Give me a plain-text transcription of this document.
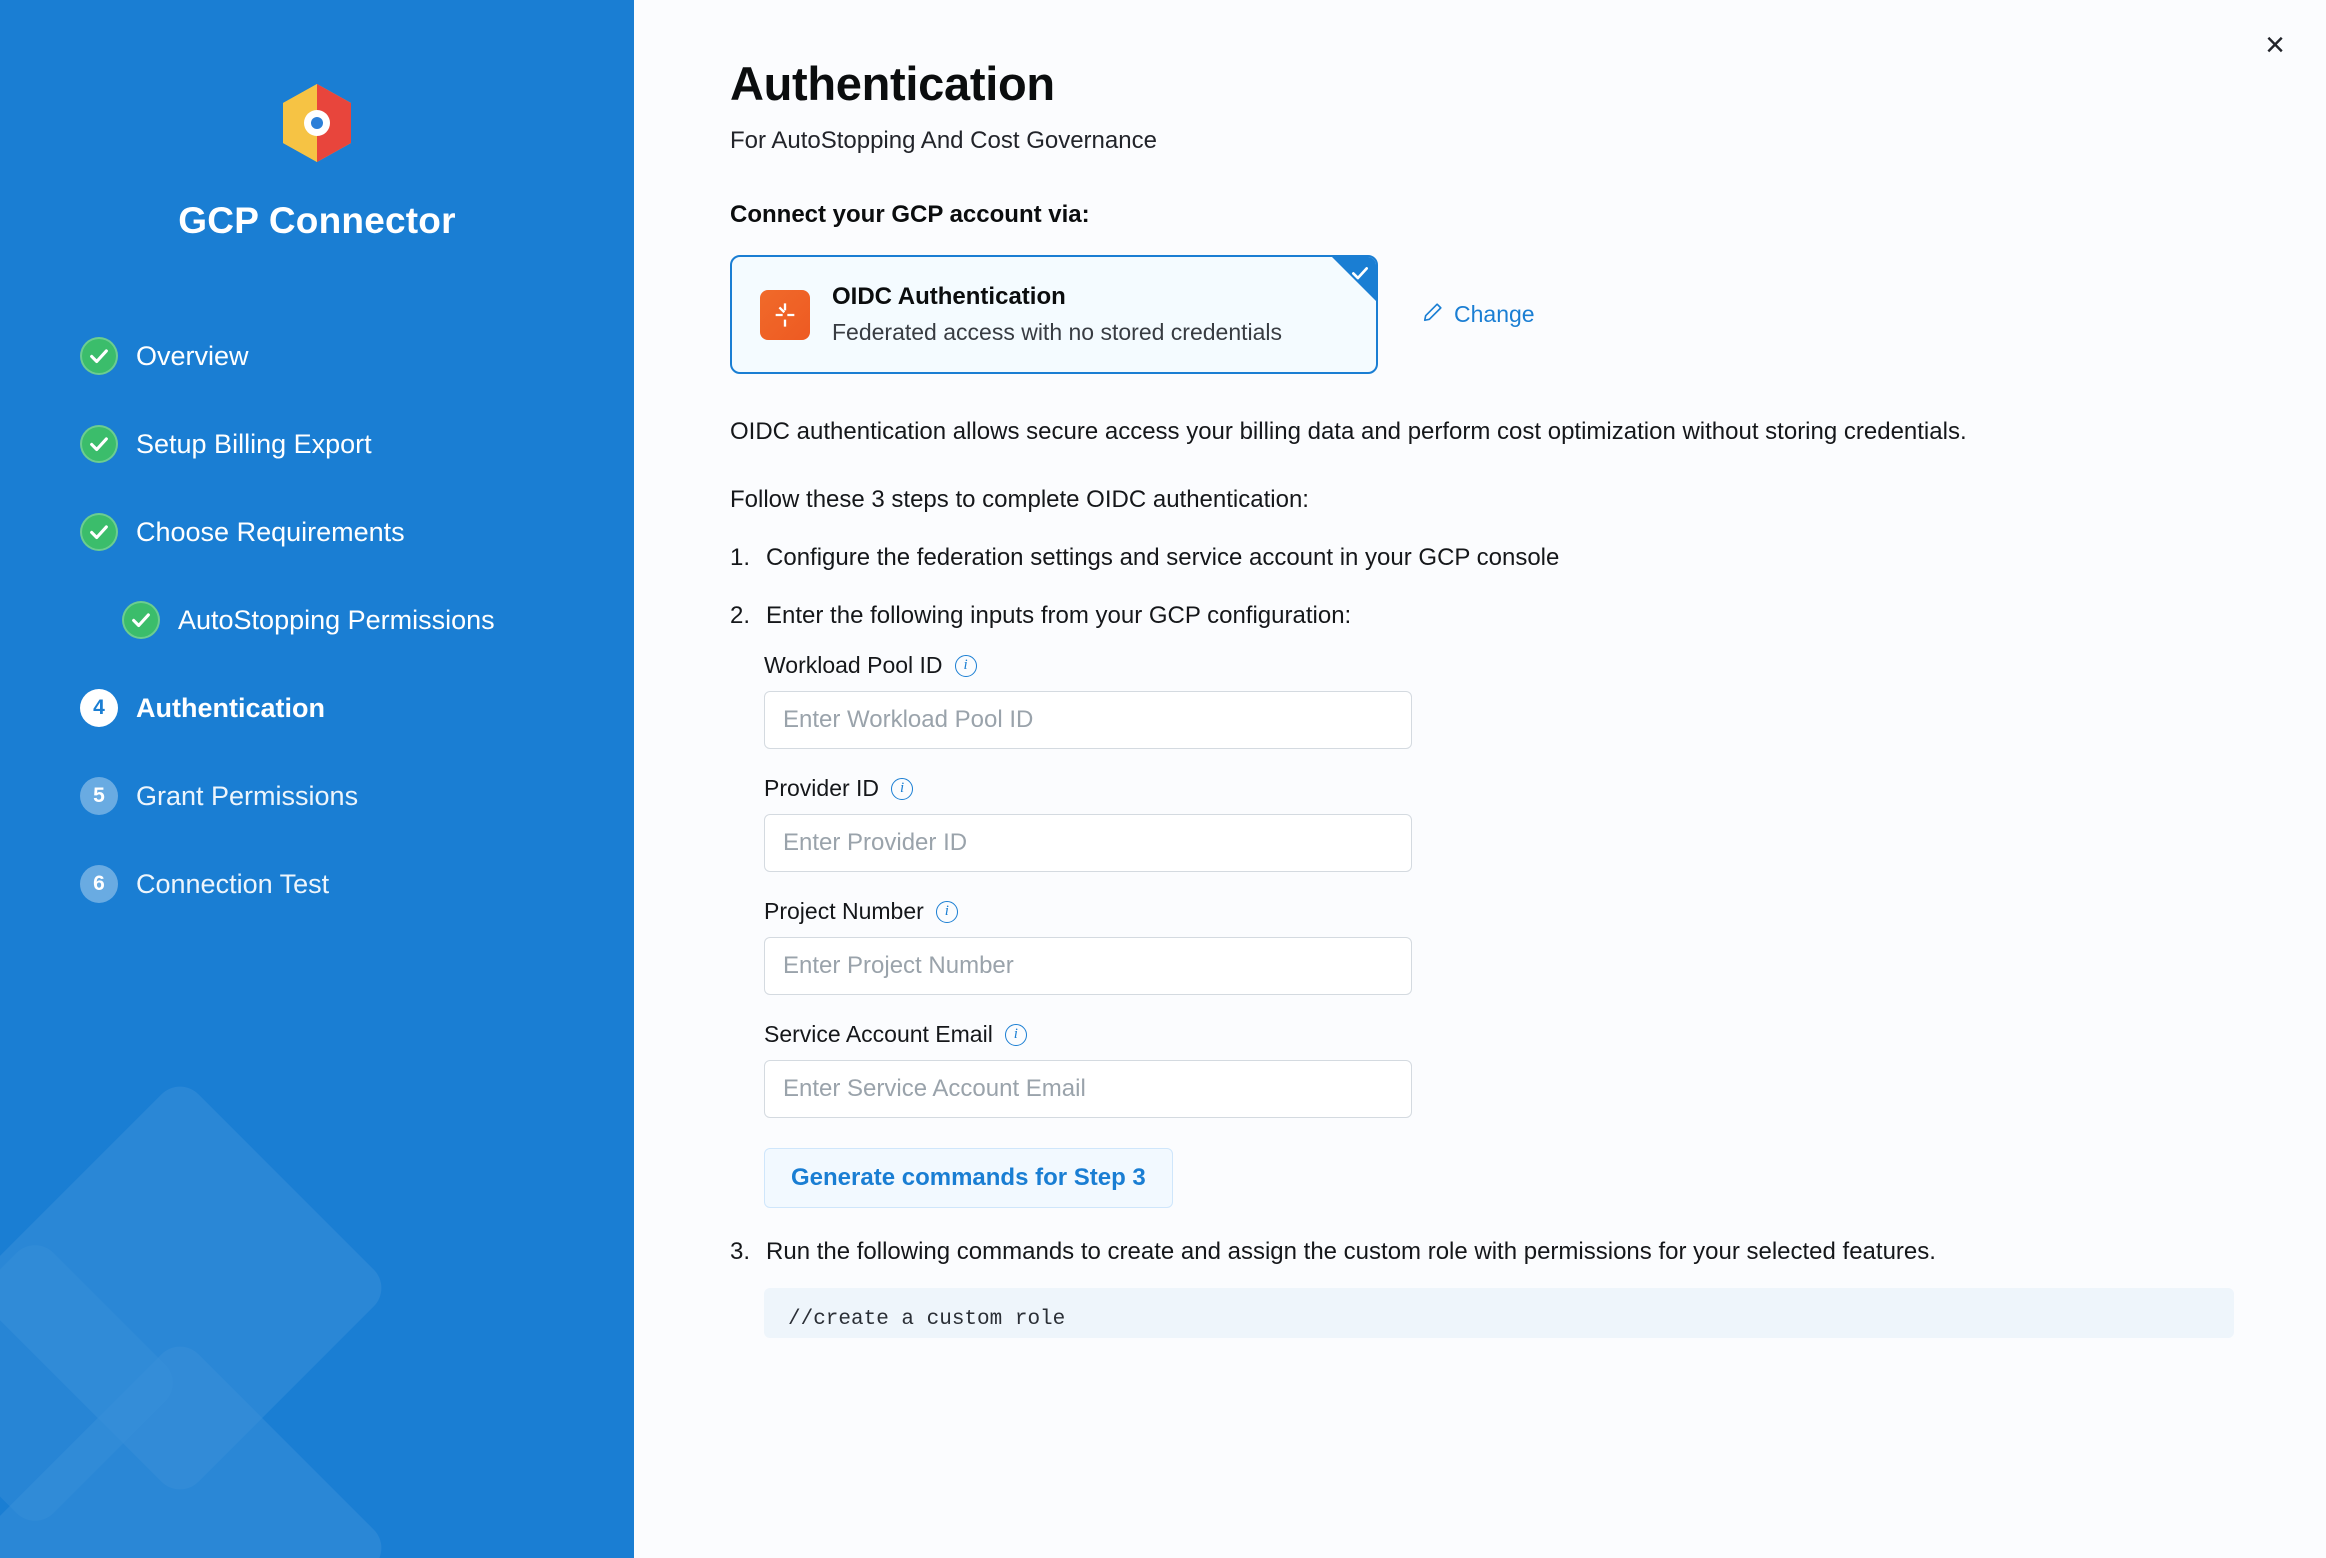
GCP Connector
Overview
Setup Billing Export
Choose Requirements
AutoStopping Permissions
4	Authentication
5	Grant Permissions
6	Connection Test
×
Authentication
For AutoStopping And Cost Governance
Connect your GCP account via:
OIDC Authentication
Federated access with no stored credentials
Change

OIDC authentication allows secure access your billing data and perform cost optimization without storing credentials.

Follow these 3 steps to complete OIDC authentication:

1. Configure the federation settings and service account in your GCP console
2. Enter the following inputs from your GCP configuration:
Workload Pool ID	i
Enter Workload Pool ID
Provider ID	i
Enter Provider ID
Project Number	i
Enter Project Number
Service Account Email	i
Enter Service Account Email
Generate commands for Step 3
3. Run the following commands to create and assign the custom role with permissions for your selected features.
//create a custom role
